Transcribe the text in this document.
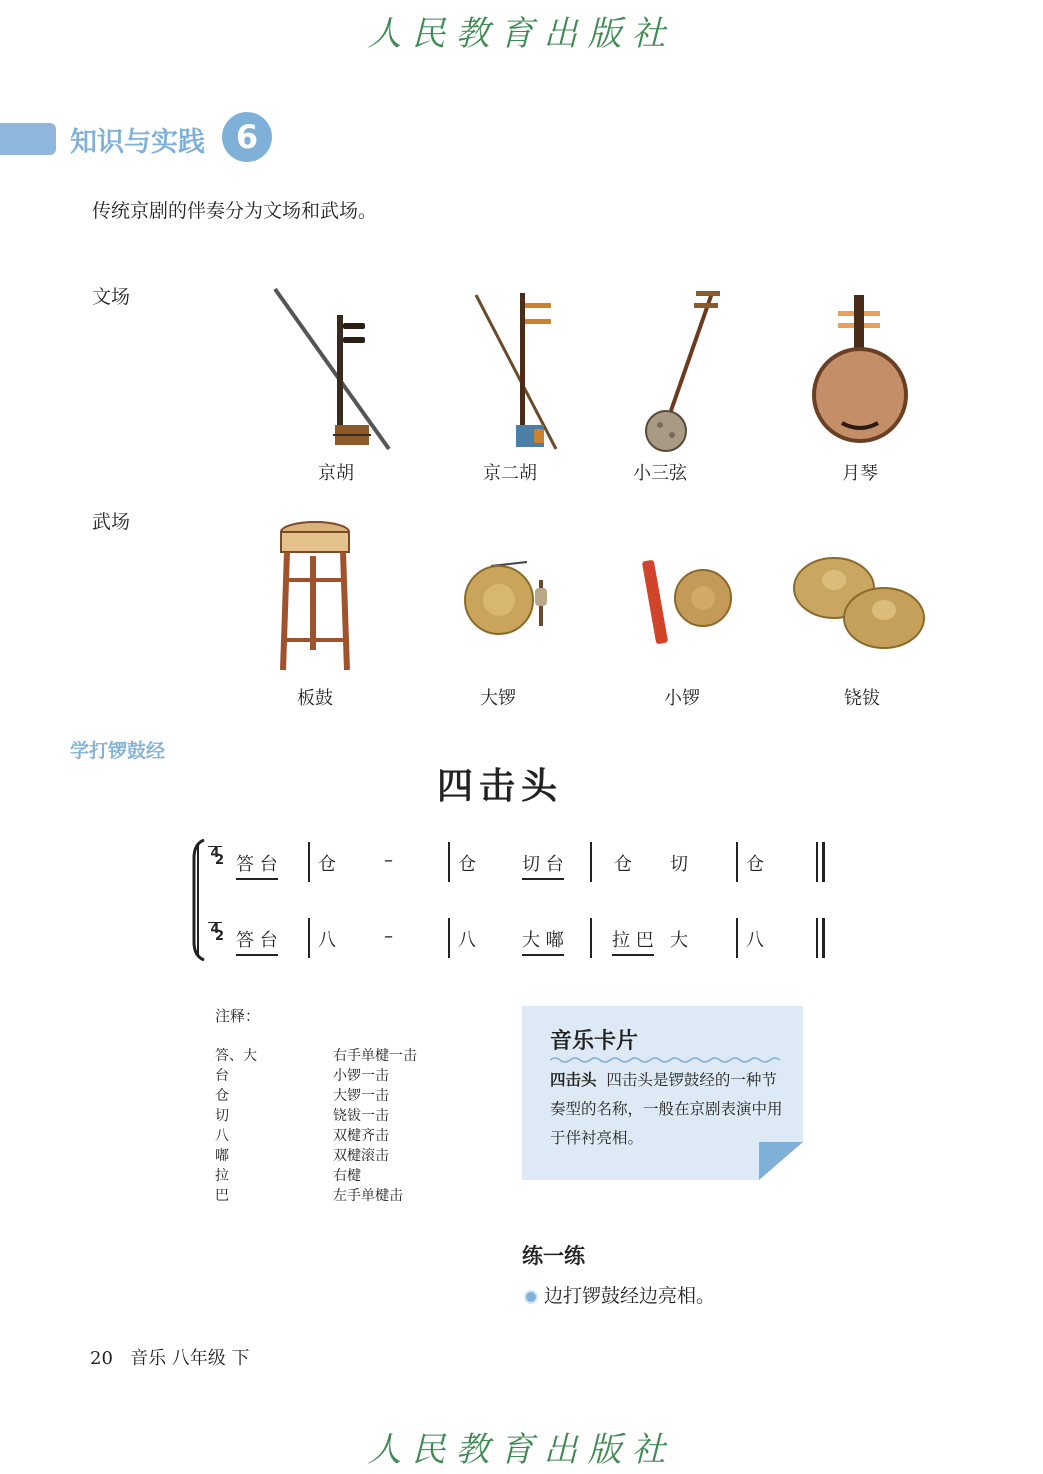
人民教育出版社
知识与实践 6
传统京剧的伴奏分为文场和武场。
文场
京胡	京二胡	小三弦	月琴
武场
板鼓	大锣	小锣	铙钹
学打锣鼓经
四击头
2
4
答 台 仓	–	仓	切 台	仓 切	仓
2
4
答 台 八	–	八	大 嘟	拉 巴 大	八
注释：
答、大	右手单楗一击
台	小锣一击
仓	大锣一击
切	铙钹一击
八	双楗齐击
嘟	双楗滚击
拉	右楗
巴	左手单楗击
音乐卡片
四击头 四击头是锣鼓经的一种节奏型的名称，一般在京剧表演中用于伴衬亮相。
练一练
边打锣鼓经边亮相。
20 音乐 八年级 下
人民教育出版社
